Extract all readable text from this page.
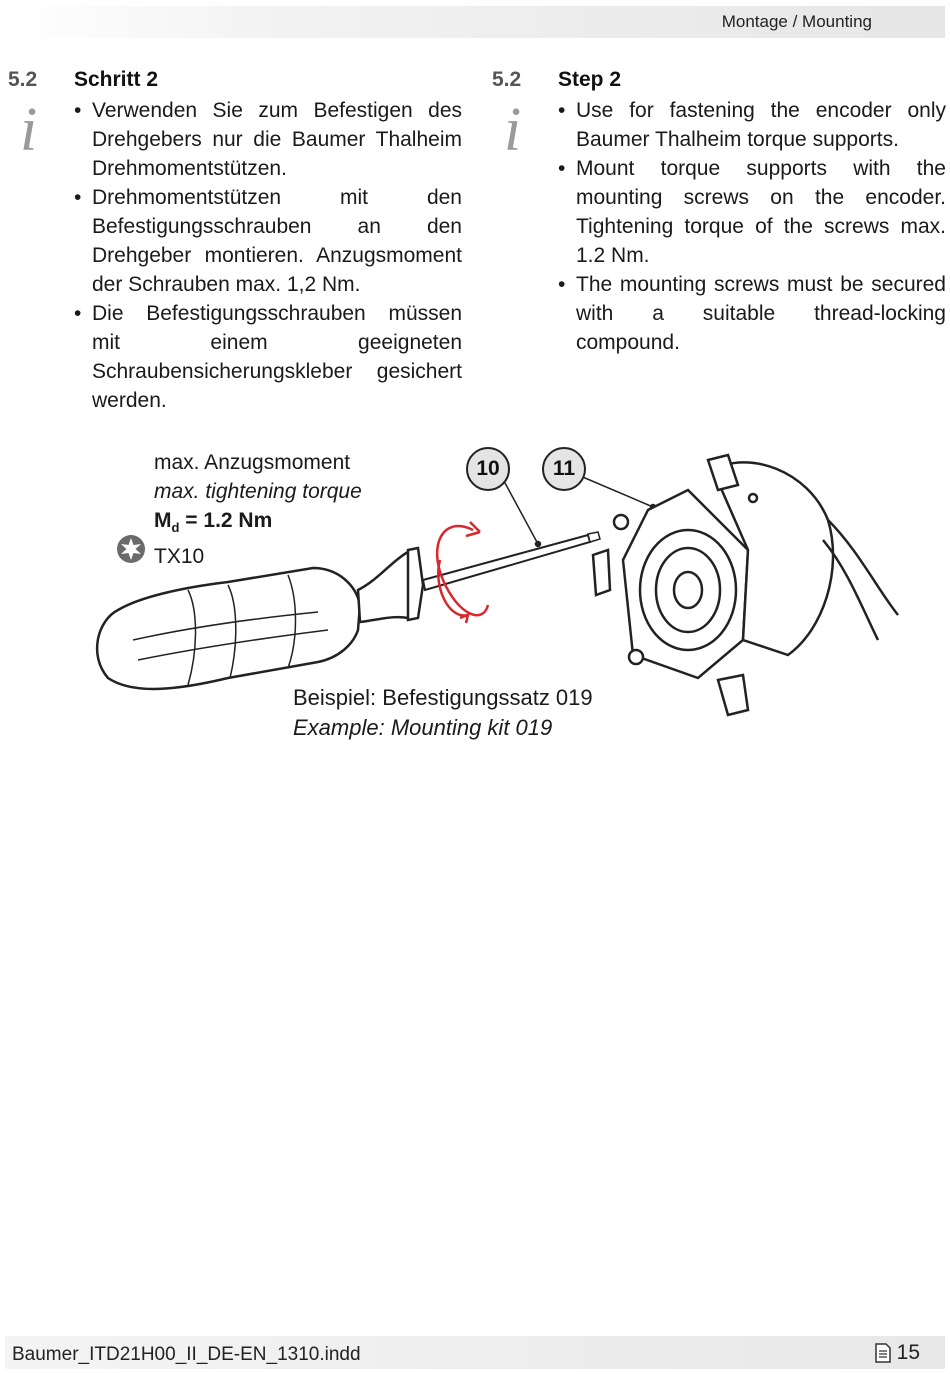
Montage / Mounting
5.2 Schritt 2
i	• Verwenden Sie zum Befestigen des Drehgebers nur die Baumer Thalheim Drehmomentstützen.
• Drehmomentstützen mit den Befestigungsschrauben an den Drehgeber montieren. Anzugsmoment der Schrauben max. 1,2 Nm.
• Die Befestigungsschrauben müssen mit einem geeigneten Schraubensicherungskleber gesichert werden.
5.2 Step 2
i	• Use for fastening the encoder only Baumer Thalheim torque supports.
• Mount torque supports with the mounting screws on the encoder. Tightening torque of the screws max. 1.2 Nm.
• The mounting screws must be secured with a suitable thread-locking compound.
max. Anzugsmoment
max. tightening torque
$M_d = 1.2$ Nm
TX10
10	11
Beispiel: Befestigungssatz 019
Example: Mounting kit 019
Baumer_ITD21H00_II_DE-EN_1310.indd	15
